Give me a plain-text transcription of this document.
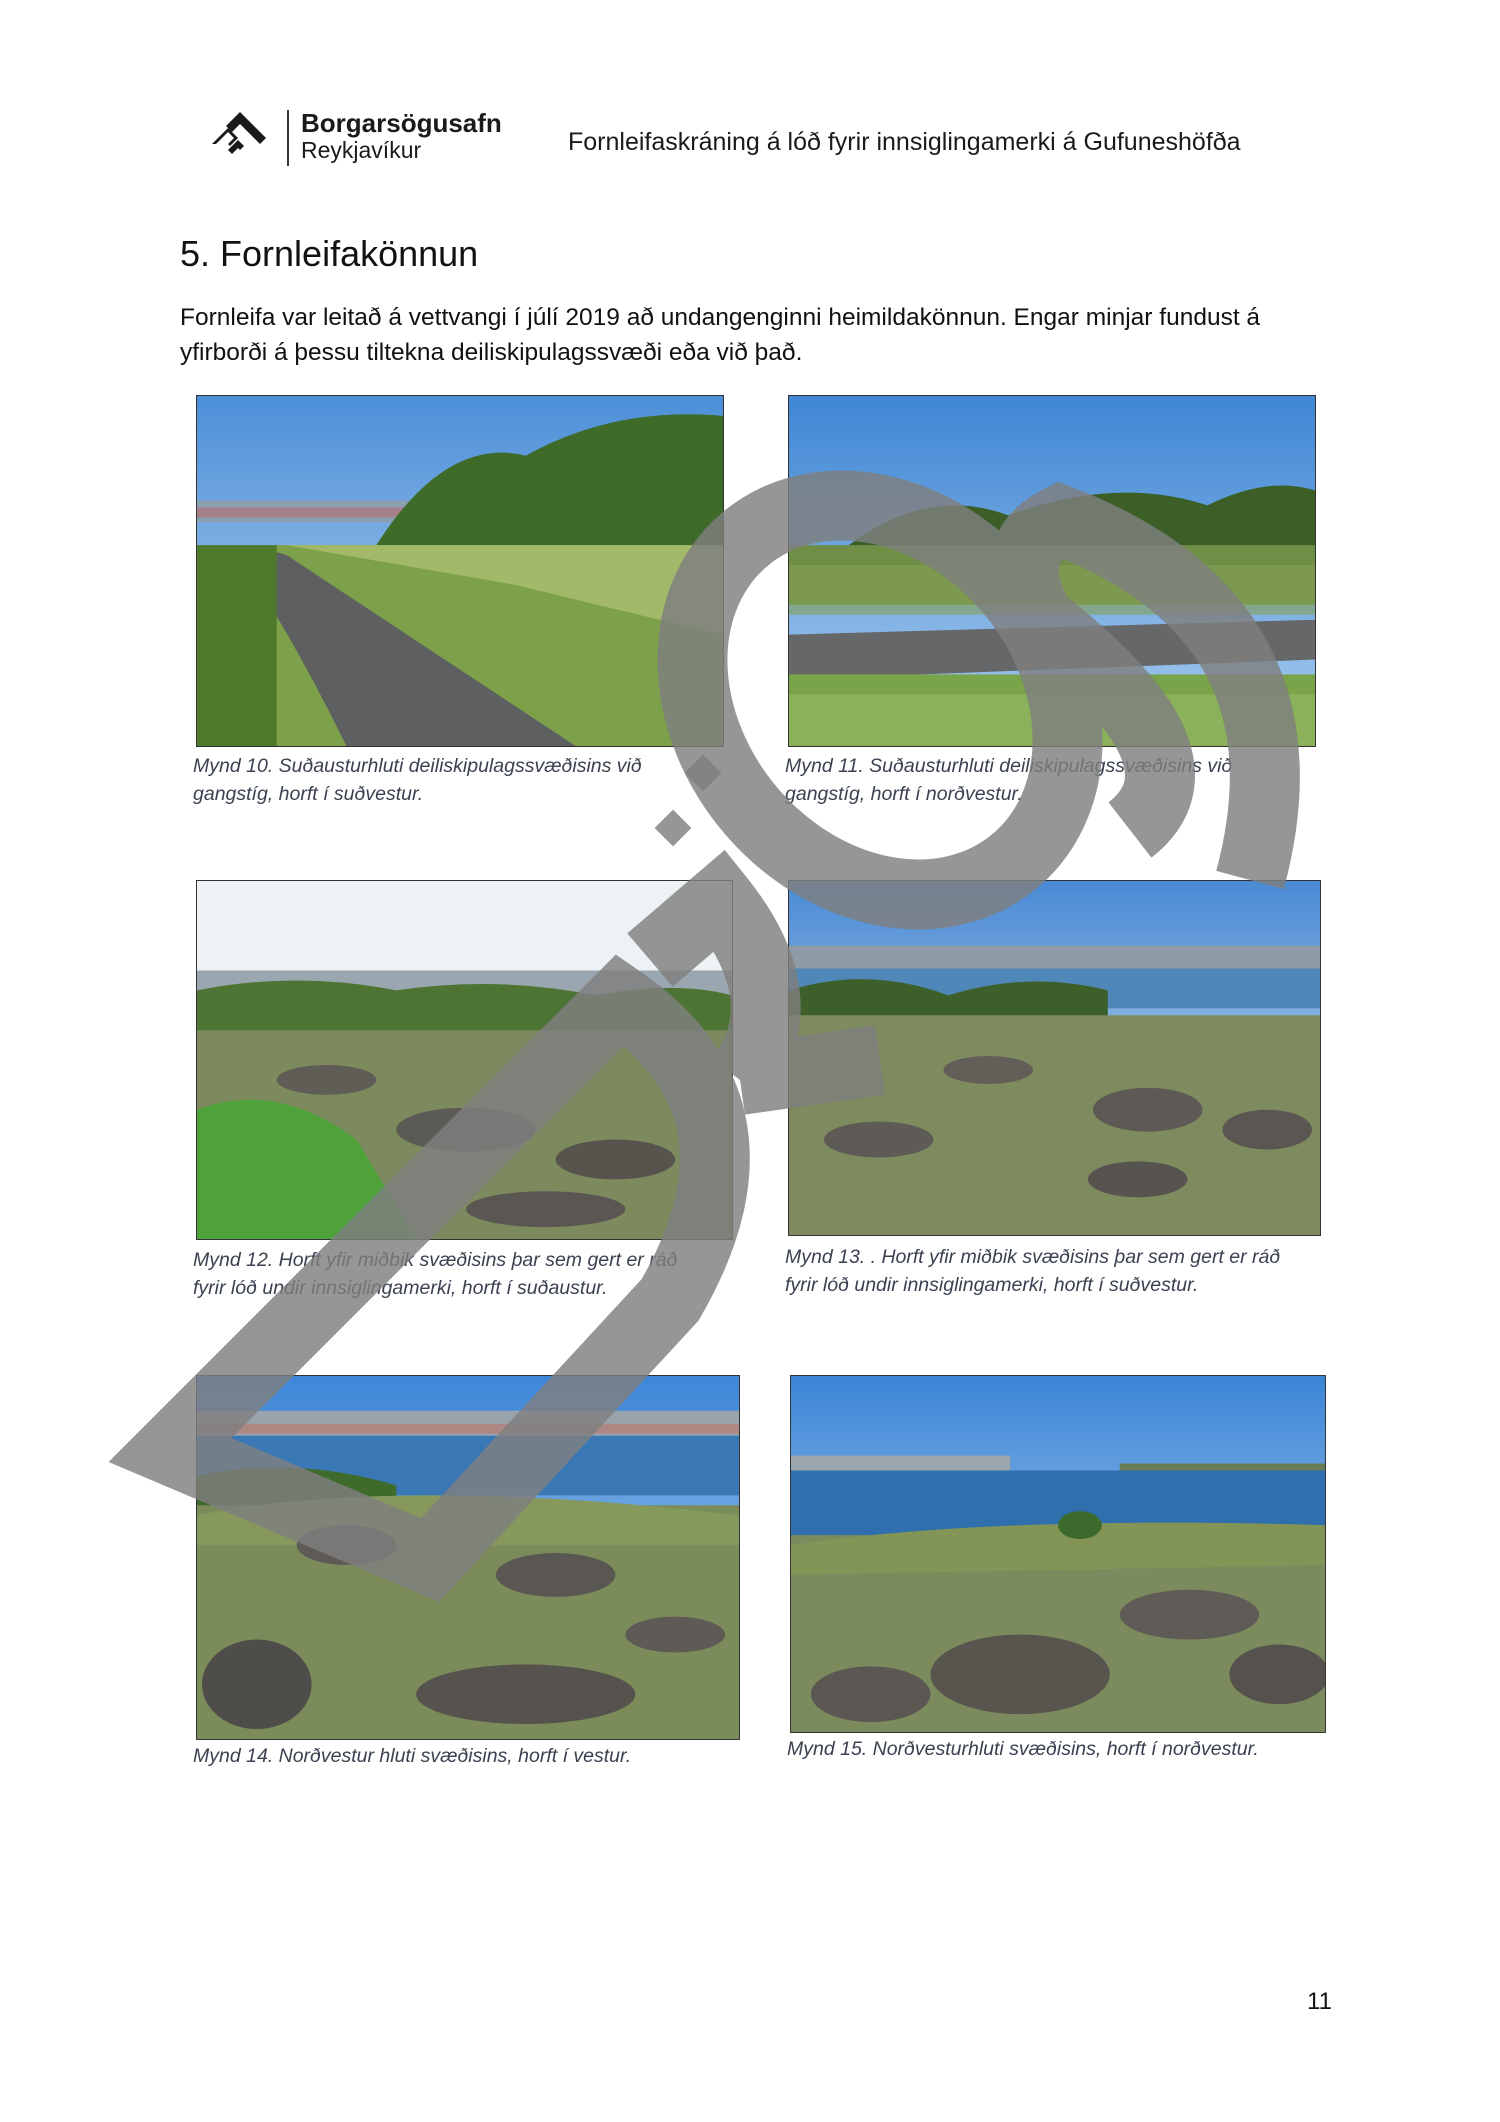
Borgarsögusafn
Reykjavíkur	Fornleifaskráning á lóð fyrir innsiglingamerki á Gufuneshöfða
5. Fornleifakönnun
Fornleifa var leitað á vettvangi í júlí 2019 að undangenginni heimildakönnun. Engar minjar fundust á yfirborði á þessu tiltekna deiliskipulagssvæði eða við það.
Mynd 10. Suðausturhluti deiliskipulagssvæðisins við
gangstíg, horft í suðvestur.
Mynd 11. Suðausturhluti deiliskipulagssvæðisins við
gangstíg, horft í norðvestur.
Mynd 12. Horft yfir miðbik svæðisins þar sem gert er ráð
fyrir lóð undir innsiglingamerki, horft í suðaustur.
Mynd 13. . Horft yfir miðbik svæðisins þar sem gert er ráð
fyrir lóð undir innsiglingamerki, horft í suðvestur.
Mynd 14. Norðvestur hluti svæðisins, horft í vestur.	Mynd 15. Norðvesturhluti svæðisins, horft í norðvestur.
11
